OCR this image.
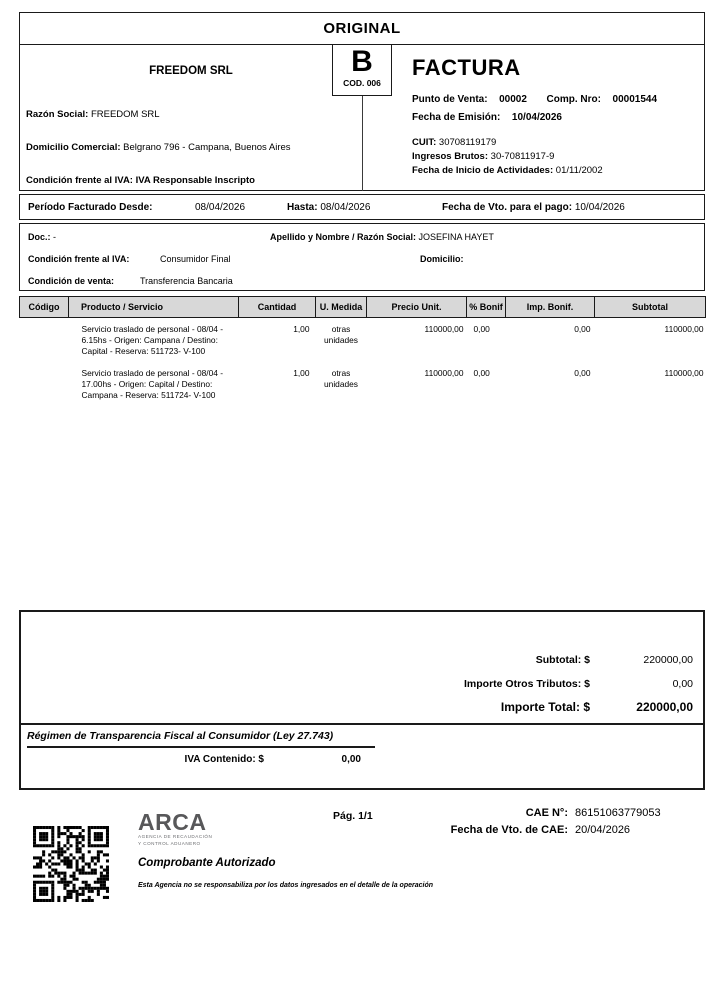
ORIGINAL
FREEDOM SRL
Razón Social: FREEDOM SRL
Domicilio Comercial: Belgrano 796 - Campana, Buenos Aires
Condición frente al IVA: IVA Responsable Inscripto
B
COD. 006
FACTURA
Punto de Venta: 00002 Comp. Nro: 00001544
Fecha de Emisión: 10/04/2026
CUIT: 30708119179
Ingresos Brutos: 30-70811917-9
Fecha de Inicio de Actividades: 01/11/2002
Período Facturado Desde:	08/04/2026	Hasta: 08/04/2026	Fecha de Vto. para el pago: 10/04/2026
Doc.: -	Apellido y Nombre / Razón Social: JOSEFINA HAYET
Condición frente al IVA:	Consumidor Final	Domicilio:
Condición de venta:	Transferencia Bancaria
Código	Producto / Servicio	Cantidad	U. Medida	Precio Unit.	% Bonif	Imp. Bonif.	Subtotal
	Servicio traslado de personal - 08/04 - 6.15hs - Origen: Campana / Destino: Capital - Reserva: 511723- V-100	1,00	otras unidades	110000,00	0,00	0,00	110000,00
	Servicio traslado de personal - 08/04 - 17.00hs - Origen: Capital / Destino: Campana - Reserva: 511724- V-100	1,00	otras unidades	110000,00	0,00	0,00	110000,00
Subtotal: $	220000,00
Importe Otros Tributos: $	0,00
Importe Total: $	220000,00
Régimen de Transparencia Fiscal al Consumidor (Ley 27.743)
IVA Contenido: $	0,00
ARCA
AGENCIA DE RECAUDACIÓN
Y CONTROL ADUANERO
Comprobante Autorizado
Esta Agencia no se responsabiliza por los datos ingresados en el detalle de la operación
Pág. 1/1	CAE N°: 86151063779053
Fecha de Vto. de CAE: 20/04/2026
